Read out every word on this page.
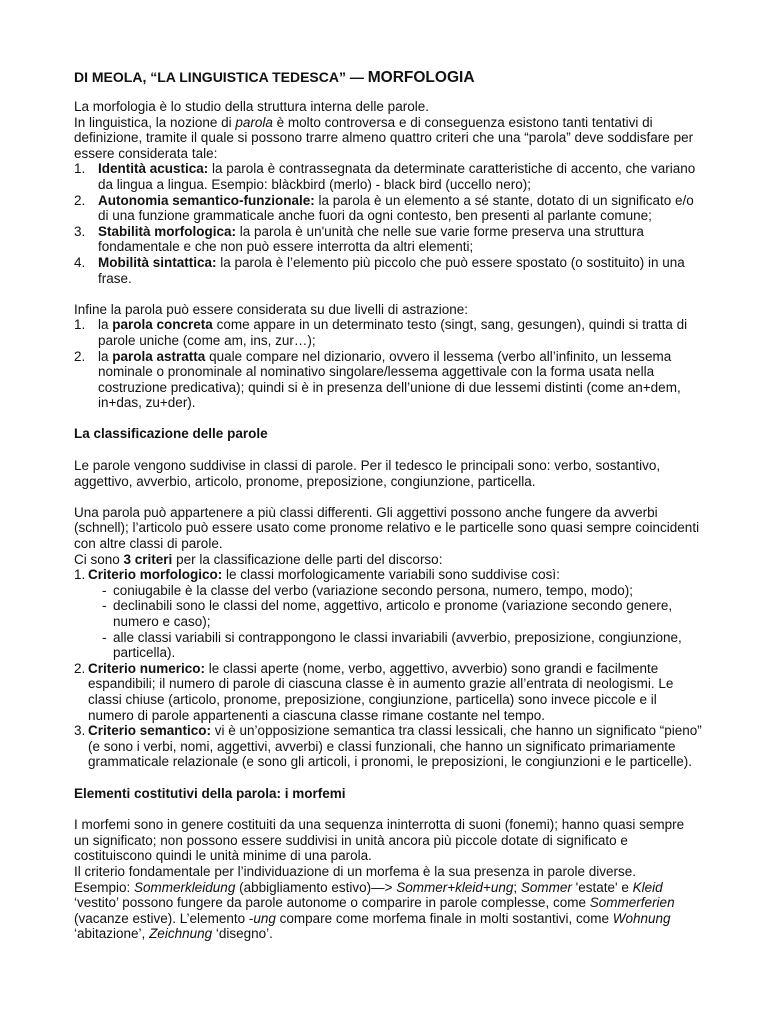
DI MEOLA, “LA LINGUISTICA TEDESCA” — MORFOLOGIA

La morfologia è lo studio della struttura interna delle parole.

In linguistica, la nozione di parola è molto controversa e di conseguenza esistono tanti tentativi di definizione, tramite il quale si possono trarre almeno quattro criteri che una “parola” deve soddisfare per essere considerata tale:

1. Identità acustica: la parola è contrassegnata da determinate caratteristiche di accento, che variano da lingua a lingua. Esempio: blàckbird (merlo) - black bird (uccello nero);
2. Autonomia semantico-funzionale: la parola è un elemento a sé stante, dotato di un significato e/o di una funzione grammaticale anche fuori da ogni contesto, ben presenti al parlante comune;
3. Stabilità morfologica: la parola è un'unità che nelle sue varie forme preserva una struttura fondamentale e che non può essere interrotta da altri elementi;
4. Mobilità sintattica: la parola è l’elemento più piccolo che può essere spostato (o sostituito) in una frase.

Infine la parola può essere considerata su due livelli di astrazione:

1. la parola concreta come appare in un determinato testo (singt, sang, gesungen), quindi si tratta di parole uniche (come am, ins, zur…);
2. la parola astratta quale compare nel dizionario, ovvero il lessema (verbo all’infinito, un lessema nominale o pronominale al nominativo singolare/lessema aggettivale con la forma usata nella costruzione predicativa); quindi si è in presenza dell’unione di due lessemi distinti (come an+dem, in+das, zu+der).
La classificazione delle parole

Le parole vengono suddivise in classi di parole. Per il tedesco le principali sono: verbo, sostantivo, aggettivo, avverbio, articolo, pronome, preposizione, congiunzione, particella.

Una parola può appartenere a più classi differenti. Gli aggettivi possono anche fungere da avverbi (schnell); l’articolo può essere usato come pronome relativo e le particelle sono quasi sempre coincidenti con altre classi di parole.

Ci sono 3 criteri per la classificazione delle parti del discorso:

1. Criterio morfologico: le classi morfologicamente variabili sono suddivise così:
- coniugabile è la classe del verbo (variazione secondo persona, numero, tempo, modo);
- declinabili sono le classi del nome, aggettivo, articolo e pronome (variazione secondo genere, numero e caso);
- alle classi variabili si contrappongono le classi invariabili (avverbio, preposizione, congiunzione, particella).
2. Criterio numerico: le classi aperte (nome, verbo, aggettivo, avverbio) sono grandi e facilmente espandibili; il numero di parole di ciascuna classe è in aumento grazie all’entrata di neologismi. Le classi chiuse (articolo, pronome, preposizione, congiunzione, particella) sono invece piccole e il numero di parole appartenenti a ciascuna classe rimane costante nel tempo.
3. Criterio semantico: vi è un’opposizione semantica tra classi lessicali, che hanno un significato “pieno” (e sono i verbi, nomi, aggettivi, avverbi) e classi funzionali, che hanno un significato primariamente grammaticale relazionale (e sono gli articoli, i pronomi, le preposizioni, le congiunzioni e le particelle).
Elementi costitutivi della parola: i morfemi

I morfemi sono in genere costituiti da una sequenza ininterrotta di suoni (fonemi); hanno quasi sempre un significato; non possono essere suddivisi in unità ancora più piccole dotate di significato e costituiscono quindi le unità minime di una parola.

Il criterio fondamentale per l’individuazione di un morfema è la sua presenza in parole diverse.

Esempio: Sommerkleidung (abbigliamento estivo)—> Sommer+kleid+ung; Sommer 'estate' e Kleid ‘vestito’ possono fungere da parole autonome o comparire in parole complesse, come Sommerferien (vacanze estive). L’elemento -ung compare come morfema finale in molti sostantivi, come Wohnung ‘abitazione’, Zeichnung ‘disegno’.
